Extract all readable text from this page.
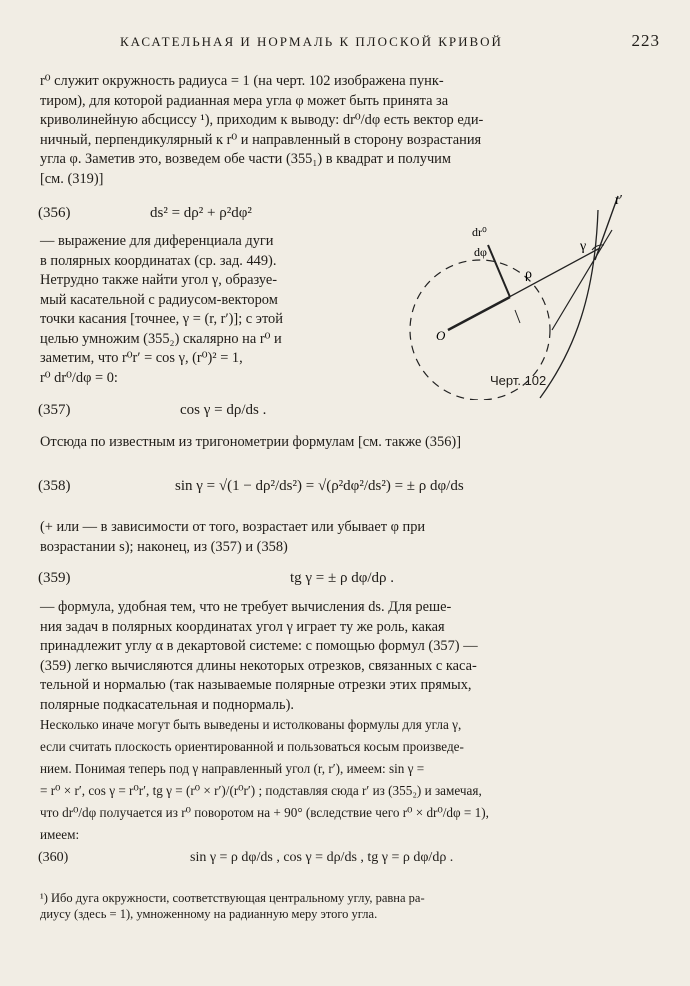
КАСАТЕЛЬНАЯ И НОРМАЛЬ К ПЛОСКОЙ КРИВОЙ	223
r⁰ служит окружность радиуса = 1 (на черт. 102 изображена пунк-
тиром), для которой радианная мера угла φ может быть принята за
криволинейную абсциссу ¹), приходим к выводу: dr⁰/dφ есть вектор еди-
ничный, перпендикулярный к r⁰ и направленный в сторону возрастания
угла φ. Заметив это, возведем обе части (355₁) в квадрат и получим
[см. (319)]
(356)	ds² = dρ² + ρ²dφ²
— выражение для диференциала дуги
в полярных координатах (ср. зад. 449).
Нетрудно также найти угол γ, образуе-
мый касательной с радиусом-вектором
точки касания [точнее, γ = (r, r′)]; с этой
целью умножим (355₂) скалярно на r⁰ и
заметим, что r⁰r′ = cos γ, (r⁰)² = 1,
r⁰ dr⁰/dφ = 0:
(357)	cos γ = dρ/ds .
r′
dr⁰
dφ	γ
ρ
O
Черт. 102
Отсюда по известным из тригонометрии формулам [см. также (356)]
(358)	sin γ = √(1 − dρ²/ds²) = √(ρ²dφ²/ds²) = ± ρ dφ/ds
(+ или — в зависимости от того, возрастает или убывает φ при
возрастании s); наконец, из (357) и (358)
(359)	tg γ = ± ρ dφ/dρ .
— формула, удобная тем, что не требует вычисления ds. Для реше-
ния задач в полярных координатах угол γ играет ту же роль, какая
принадлежит углу α в декартовой системе: с помощью формул (357) —
(359) легко вычисляются длины некоторых отрезков, связанных с каса-
тельной и нормалью (так называемые полярные отрезки этих прямых,
полярные подкасательная и поднормаль).
Несколько иначе могут быть выведены и истолкованы формулы для угла γ,
если считать плоскость ориентированной и пользоваться косым произведе-
нием. Понимая теперь под γ направленный угол (r, r′), имеем: sin γ =
= r⁰ × r′, cos γ = r⁰r′, tg γ = (r⁰ × r′)/(r⁰r′) ; подставляя сюда r′ из (355₂) и замечая,
что dr⁰/dφ получается из r⁰ поворотом на + 90° (вследствие чего r⁰ × dr⁰/dφ = 1),
имеем:
(360)	sin γ = ρ dφ/ds , cos γ = dρ/ds , tg γ = ρ dφ/dρ .
¹) Ибо дуга окружности, соответствующая центральному углу, равна ра-
диусу (здесь = 1), умноженному на радианную меру этого угла.
